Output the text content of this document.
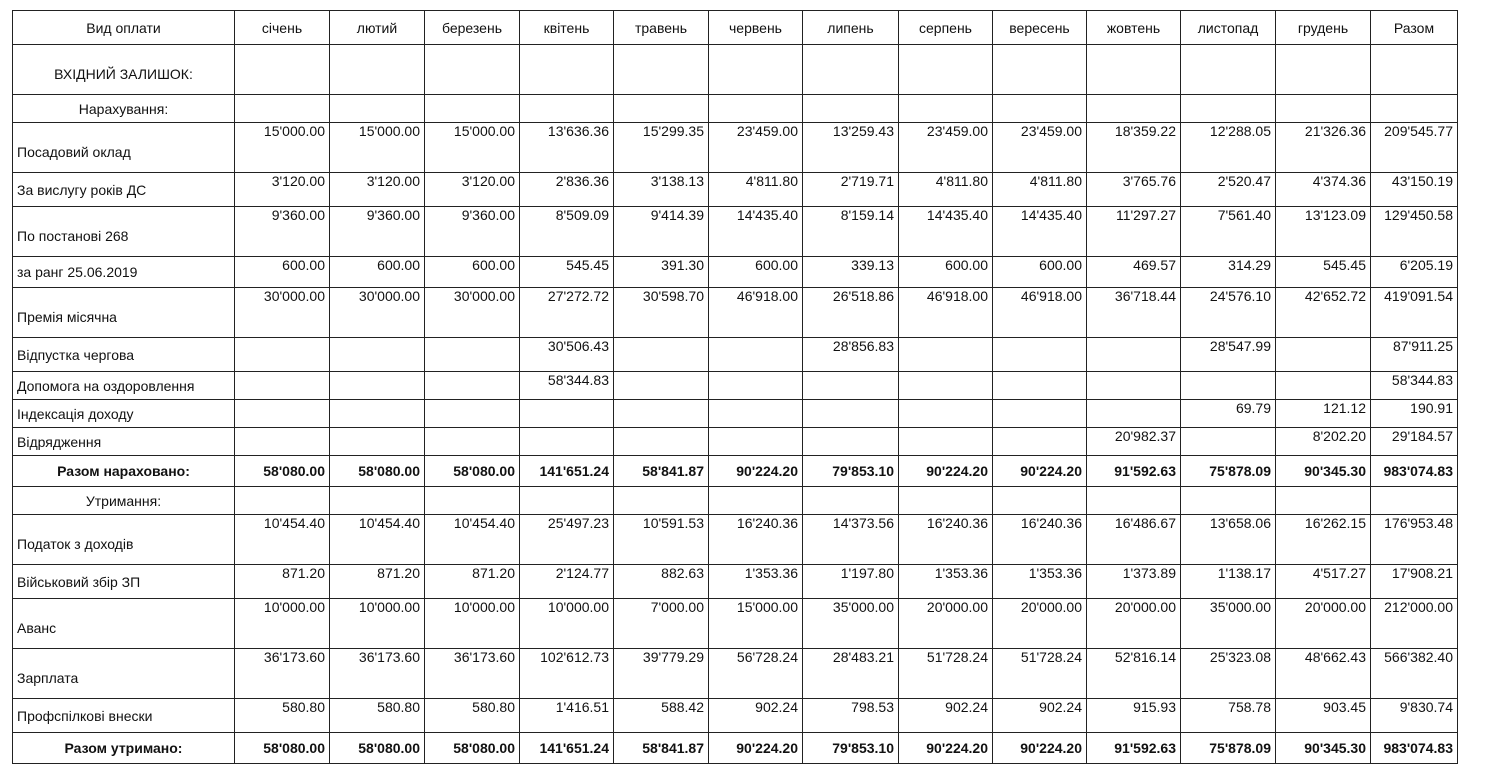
Вид оплати	січень	лютий	березень	квітень	травень	червень	липень	серпень	вересень	жовтень	листопад	грудень	Разом
ВХІДНИЙ ЗАЛИШОК:													
Нарахування:													
Посадовий оклад	15'000.00	15'000.00	15'000.00	13'636.36	15'299.35	23'459.00	13'259.43	23'459.00	23'459.00	18'359.22	12'288.05	21'326.36	209'545.77
За вислугу років ДС	3'120.00	3'120.00	3'120.00	2'836.36	3'138.13	4'811.80	2'719.71	4'811.80	4'811.80	3'765.76	2'520.47	4'374.36	43'150.19
По постанові 268	9'360.00	9'360.00	9'360.00	8'509.09	9'414.39	14'435.40	8'159.14	14'435.40	14'435.40	11'297.27	7'561.40	13'123.09	129'450.58
за ранг 25.06.2019	600.00	600.00	600.00	545.45	391.30	600.00	339.13	600.00	600.00	469.57	314.29	545.45	6'205.19
Премія місячна	30'000.00	30'000.00	30'000.00	27'272.72	30'598.70	46'918.00	26'518.86	46'918.00	46'918.00	36'718.44	24'576.10	42'652.72	419'091.54
Відпустка чергова				30'506.43			28'856.83				28'547.99		87'911.25
Допомога на оздоровлення				58'344.83									58'344.83
Індексація доходу											69.79	121.12	190.91
Відрядження										20'982.37		8'202.20	29'184.57
Разом нараховано:	58'080.00	58'080.00	58'080.00	141'651.24	58'841.87	90'224.20	79'853.10	90'224.20	90'224.20	91'592.63	75'878.09	90'345.30	983'074.83
Утримання:													
Податок з доходів	10'454.40	10'454.40	10'454.40	25'497.23	10'591.53	16'240.36	14'373.56	16'240.36	16'240.36	16'486.67	13'658.06	16'262.15	176'953.48
Військовий збір ЗП	871.20	871.20	871.20	2'124.77	882.63	1'353.36	1'197.80	1'353.36	1'353.36	1'373.89	1'138.17	4'517.27	17'908.21
Аванс	10'000.00	10'000.00	10'000.00	10'000.00	7'000.00	15'000.00	35'000.00	20'000.00	20'000.00	20'000.00	35'000.00	20'000.00	212'000.00
Зарплата	36'173.60	36'173.60	36'173.60	102'612.73	39'779.29	56'728.24	28'483.21	51'728.24	51'728.24	52'816.14	25'323.08	48'662.43	566'382.40
Профспілкові внески	580.80	580.80	580.80	1'416.51	588.42	902.24	798.53	902.24	902.24	915.93	758.78	903.45	9'830.74
Разом утримано:	58'080.00	58'080.00	58'080.00	141'651.24	58'841.87	90'224.20	79'853.10	90'224.20	90'224.20	91'592.63	75'878.09	90'345.30	983'074.83
